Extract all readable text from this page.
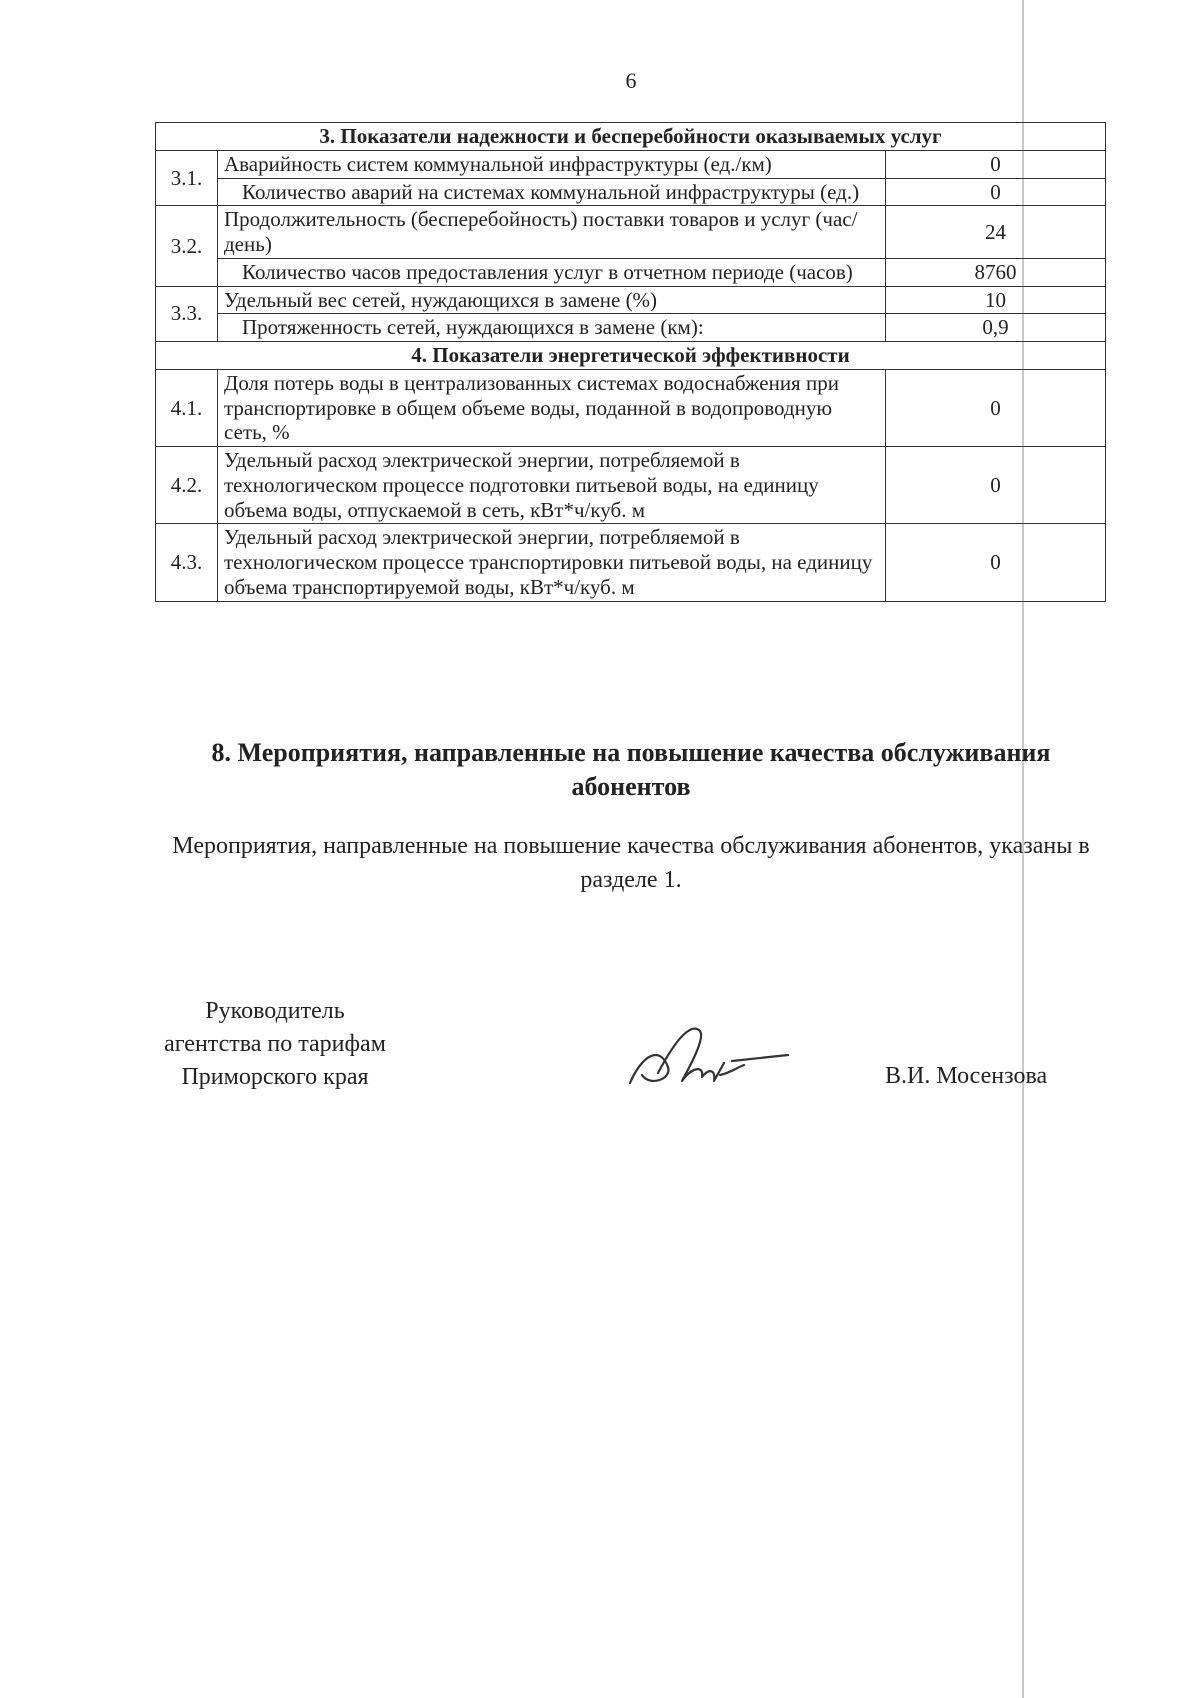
6
3. Показатели надежности и бесперебойности оказываемых услуг		
3.1.	Аварийность систем коммунальной инфраструктуры (ед./км)	0
	Количество аварий на системах коммунальной инфраструктуры (ед.)	0
3.2.	Продолжительность (бесперебойность) поставки товаров и услуг (час/день)	24
	Количество часов предоставления услуг в отчетном периоде (часов)	8760
3.3.	Удельный вес сетей, нуждающихся в замене (%)	10
	Протяженность сетей, нуждающихся в замене (км):	0,9
4. Показатели энергетической эффективности		
4.1.	Доля потерь воды в централизованных системах водоснабжения при транспортировке в общем объеме воды, поданной в водопроводную сеть, %	0
4.2.	Удельный расход электрической энергии, потребляемой в технологическом процессе подготовки питьевой воды, на единицу объема воды, отпускаемой в сеть, кВт*ч/куб. м	0
4.3.	Удельный расход электрической энергии, потребляемой в технологическом процессе транспортировки питьевой воды, на единицу объема транспортируемой воды, кВт*ч/куб. м	0
8. Мероприятия, направленные на повышение качества обслуживания абонентов
Мероприятия, направленные на повышение качества обслуживания абонентов, указаны в разделе 1.
Руководитель
агентства по тарифам
Приморского края	В.И. Мосензова
